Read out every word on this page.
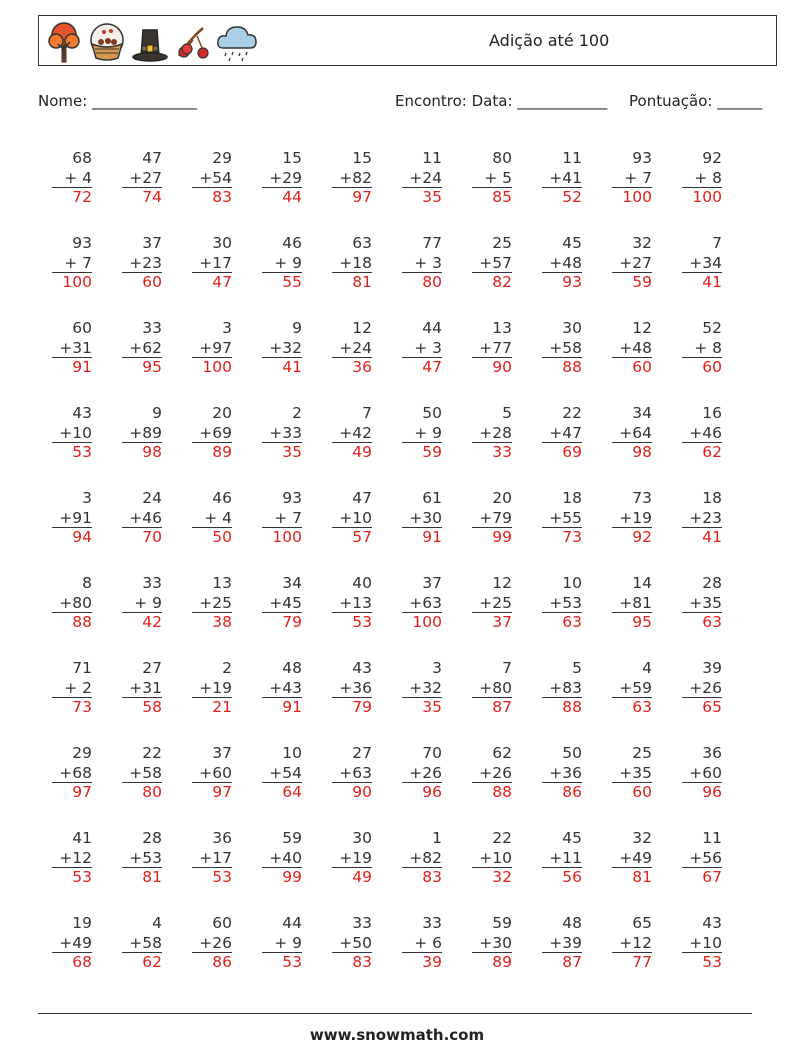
Adição até 100
Nome: ______________	Encontro: Data: ____________ Pontuação: ______
68
+ 4
72
47
+27
74
29
+54
83
15
+29
44
15
+82
97
11
+24
35
80
+ 5
85
11
+41
52
93
+ 7
100
92
+ 8
100
93
+ 7
100
37
+23
60
30
+17
47
46
+ 9
55
63
+18
81
77
+ 3
80
25
+57
82
45
+48
93
32
+27
59
7
+34
41
60
+31
91
33
+62
95
3
+97
100
9
+32
41
12
+24
36
44
+ 3
47
13
+77
90
30
+58
88
12
+48
60
52
+ 8
60
43
+10
53
9
+89
98
20
+69
89
2
+33
35
7
+42
49
50
+ 9
59
5
+28
33
22
+47
69
34
+64
98
16
+46
62
3
+91
94
24
+46
70
46
+ 4
50
93
+ 7
100
47
+10
57
61
+30
91
20
+79
99
18
+55
73
73
+19
92
18
+23
41
8
+80
88
33
+ 9
42
13
+25
38
34
+45
79
40
+13
53
37
+63
100
12
+25
37
10
+53
63
14
+81
95
28
+35
63
71
+ 2
73
27
+31
58
2
+19
21
48
+43
91
43
+36
79
3
+32
35
7
+80
87
5
+83
88
4
+59
63
39
+26
65
29
+68
97
22
+58
80
37
+60
97
10
+54
64
27
+63
90
70
+26
96
62
+26
88
50
+36
86
25
+35
60
36
+60
96
41
+12
53
28
+53
81
36
+17
53
59
+40
99
30
+19
49
1
+82
83
22
+10
32
45
+11
56
32
+49
81
11
+56
67
19
+49
68
4
+58
62
60
+26
86
44
+ 9
53
33
+50
83
33
+ 6
39
59
+30
89
48
+39
87
65
+12
77
43
+10
53
www.snowmath.com
